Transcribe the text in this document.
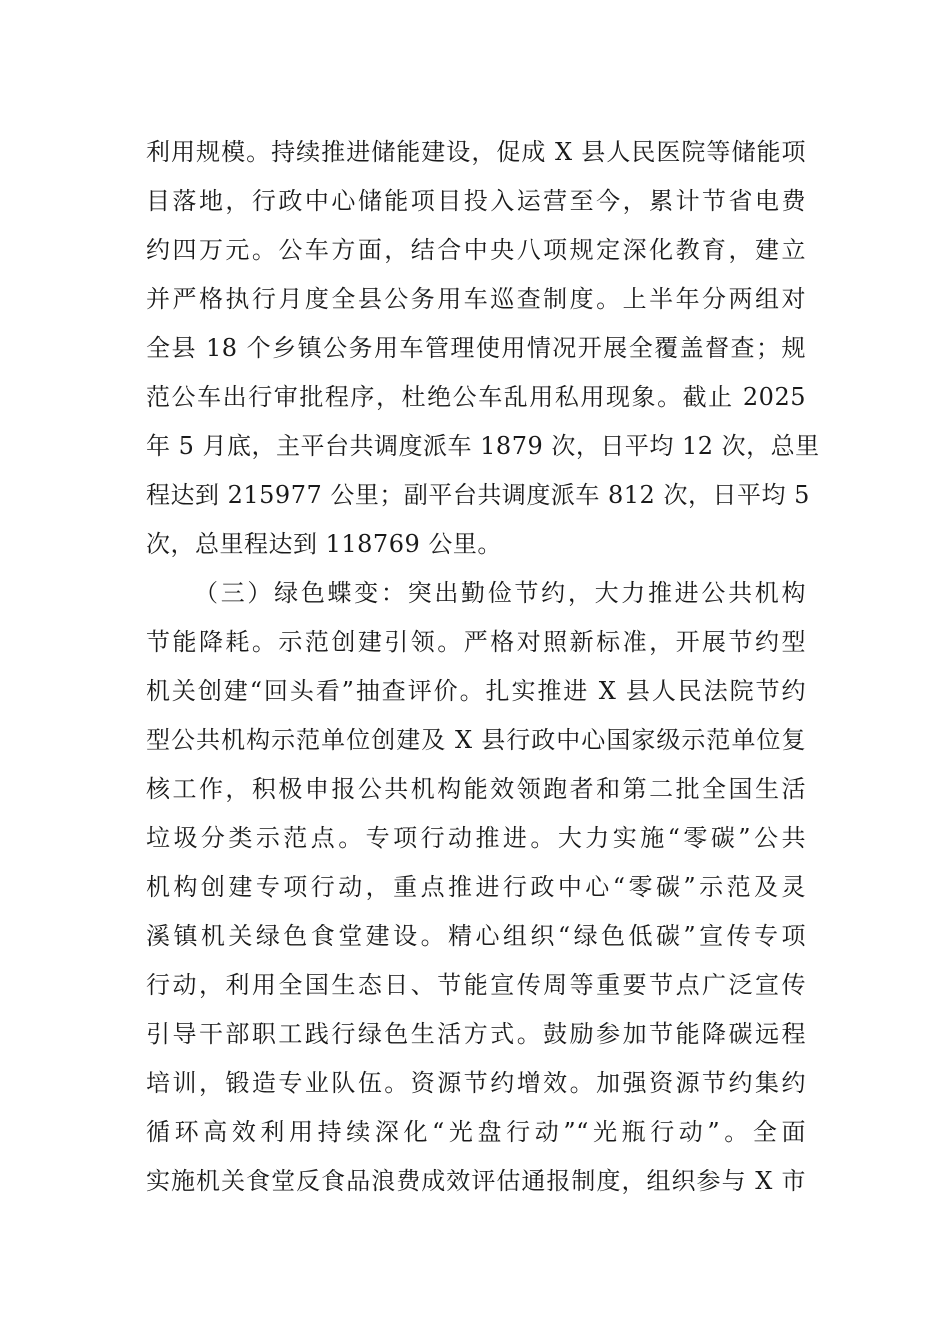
利用规模。持续推进储能建设，促成 X 县人民医院等储能项
目落地，行政中心储能项目投入运营至今，累计节省电费
约四万元。公车方面，结合中央八项规定深化教育，建立
并严格执行月度全县公务用车巡查制度。上半年分两组对
全县 18 个乡镇公务用车管理使用情况开展全覆盖督查；规
范公车出行审批程序，杜绝公车乱用私用现象。截止 2025
年 5 月底，主平台共调度派车 1879 次，日平均 12 次，总里
程达到 215977 公里；副平台共调度派车 812 次，日平均 5
次，总里程达到 118769 公里。
（三）绿色蝶变：突出勤俭节约，大力推进公共机构
节能降耗。示范创建引领。严格对照新标准，开展节约型
机关创建“回头看”抽查评价。扎实推进 X 县人民法院节约
型公共机构示范单位创建及 X 县行政中心国家级示范单位复
核工作，积极申报公共机构能效领跑者和第二批全国生活
垃圾分类示范点。专项行动推进。大力实施“零碳”公共
机构创建专项行动，重点推进行政中心“零碳”示范及灵
溪镇机关绿色食堂建设。精心组织“绿色低碳”宣传专项
行动，利用全国生态日、节能宣传周等重要节点广泛宣传
引导干部职工践行绿色生活方式。鼓励参加节能降碳远程
培训，锻造专业队伍。资源节约增效。加强资源节约集约
循环高效利用持续深化“光盘行动”“光瓶行动”。全面
实施机关食堂反食品浪费成效评估通报制度，组织参与 X 市
